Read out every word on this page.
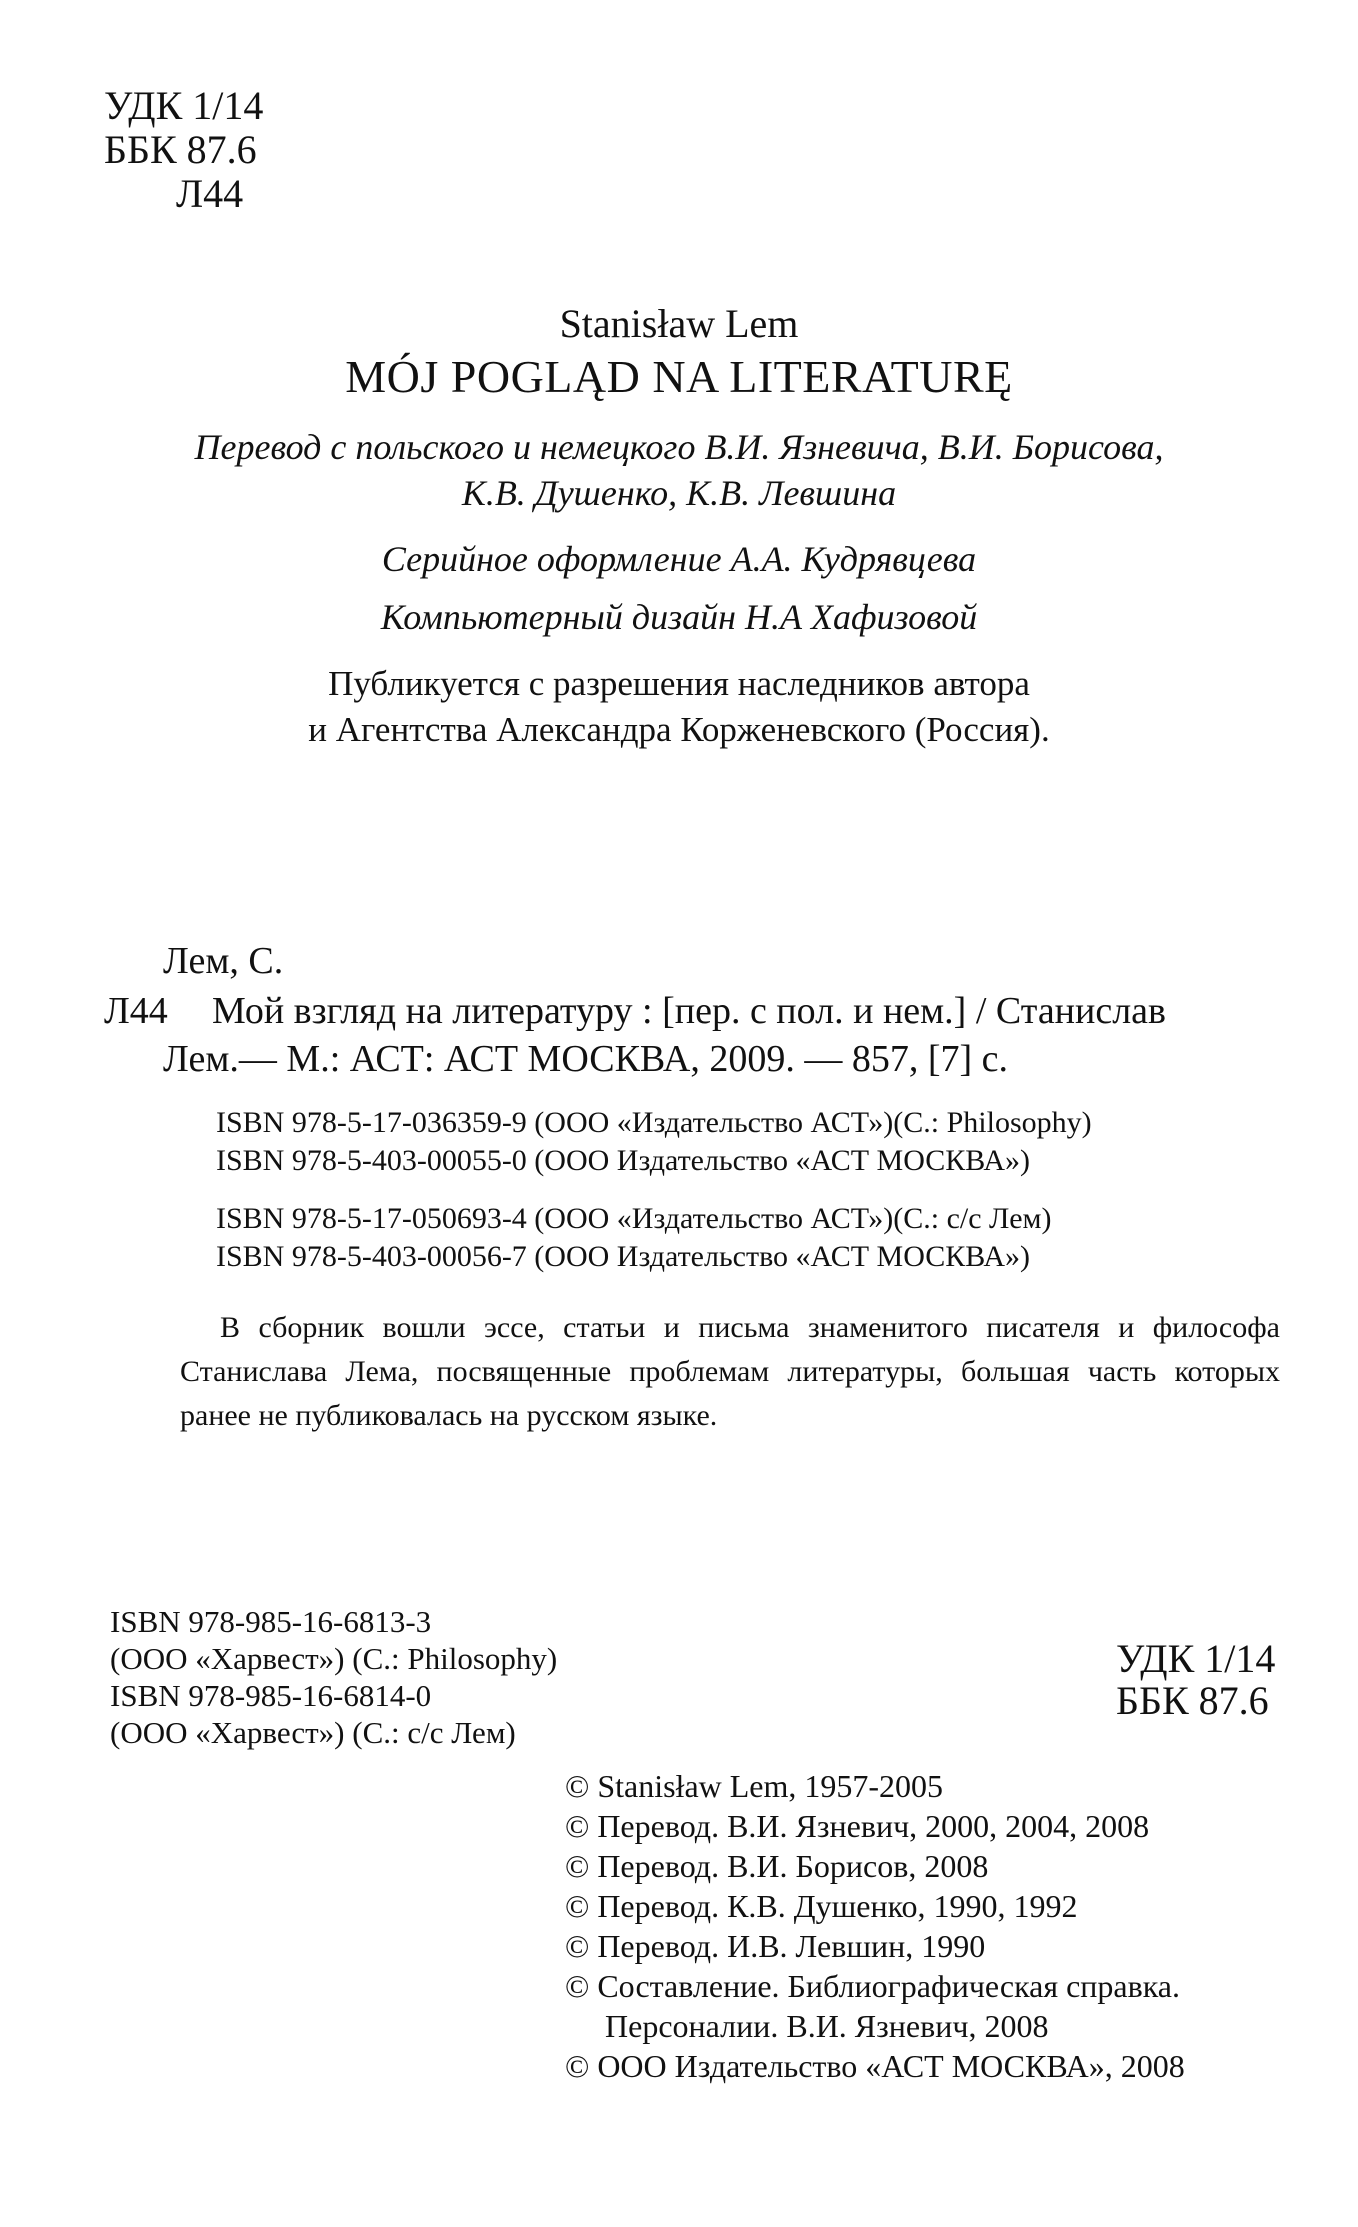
УДК 1/14
ББК 87.6
Л44
Stanisław Lem
MÓJ POGLĄD NA LITERATURĘ
Перевод с польского и немецкого В.И. Язневича, В.И. Борисова,
К.В. Душенко, К.В. Левшина
Серийное оформление А.А. Кудрявцева
Компьютерный дизайн Н.А Хафизовой
Публикуется с разрешения наследников автора
и Агентства Александра Корженевского (Россия).
Лем, С.
Л44 Мой взгляд на литературу : [пер. с пол. и нем.] / Станислав
Лем.— М.: АСТ: АСТ МОСКВА, 2009. — 857, [7] с.
ISBN 978-5-17-036359-9 (ООО «Издательство АСТ»)(С.: Philosophy)
ISBN 978-5-403-00055-0 (ООО Издательство «АСТ МОСКВА»)
ISBN 978-5-17-050693-4 (ООО «Издательство АСТ»)(С.: с/с Лем)
ISBN 978-5-403-00056-7 (ООО Издательство «АСТ МОСКВА»)
В сборник вошли эссе, статьи и письма знаменитого писателя и философа Станислава Лема, посвященные проблемам литературы, большая часть которых ранее не публиковалась на русском языке.
ISBN 978-985-16-6813-3
(ООО «Харвест») (С.: Philosophy)
ISBN 978-985-16-6814-0
(ООО «Харвест») (С.: с/с Лем)
УДК 1/14
ББК 87.6
© Stanisław Lem, 1957-2005
© Перевод. В.И. Язневич, 2000, 2004, 2008
© Перевод. В.И. Борисов, 2008
© Перевод. К.В. Душенко, 1990, 1992
© Перевод. И.В. Левшин, 1990
© Составление. Библиографическая справка.
Персоналии. В.И. Язневич, 2008
© ООО Издательство «АСТ МОСКВА», 2008
